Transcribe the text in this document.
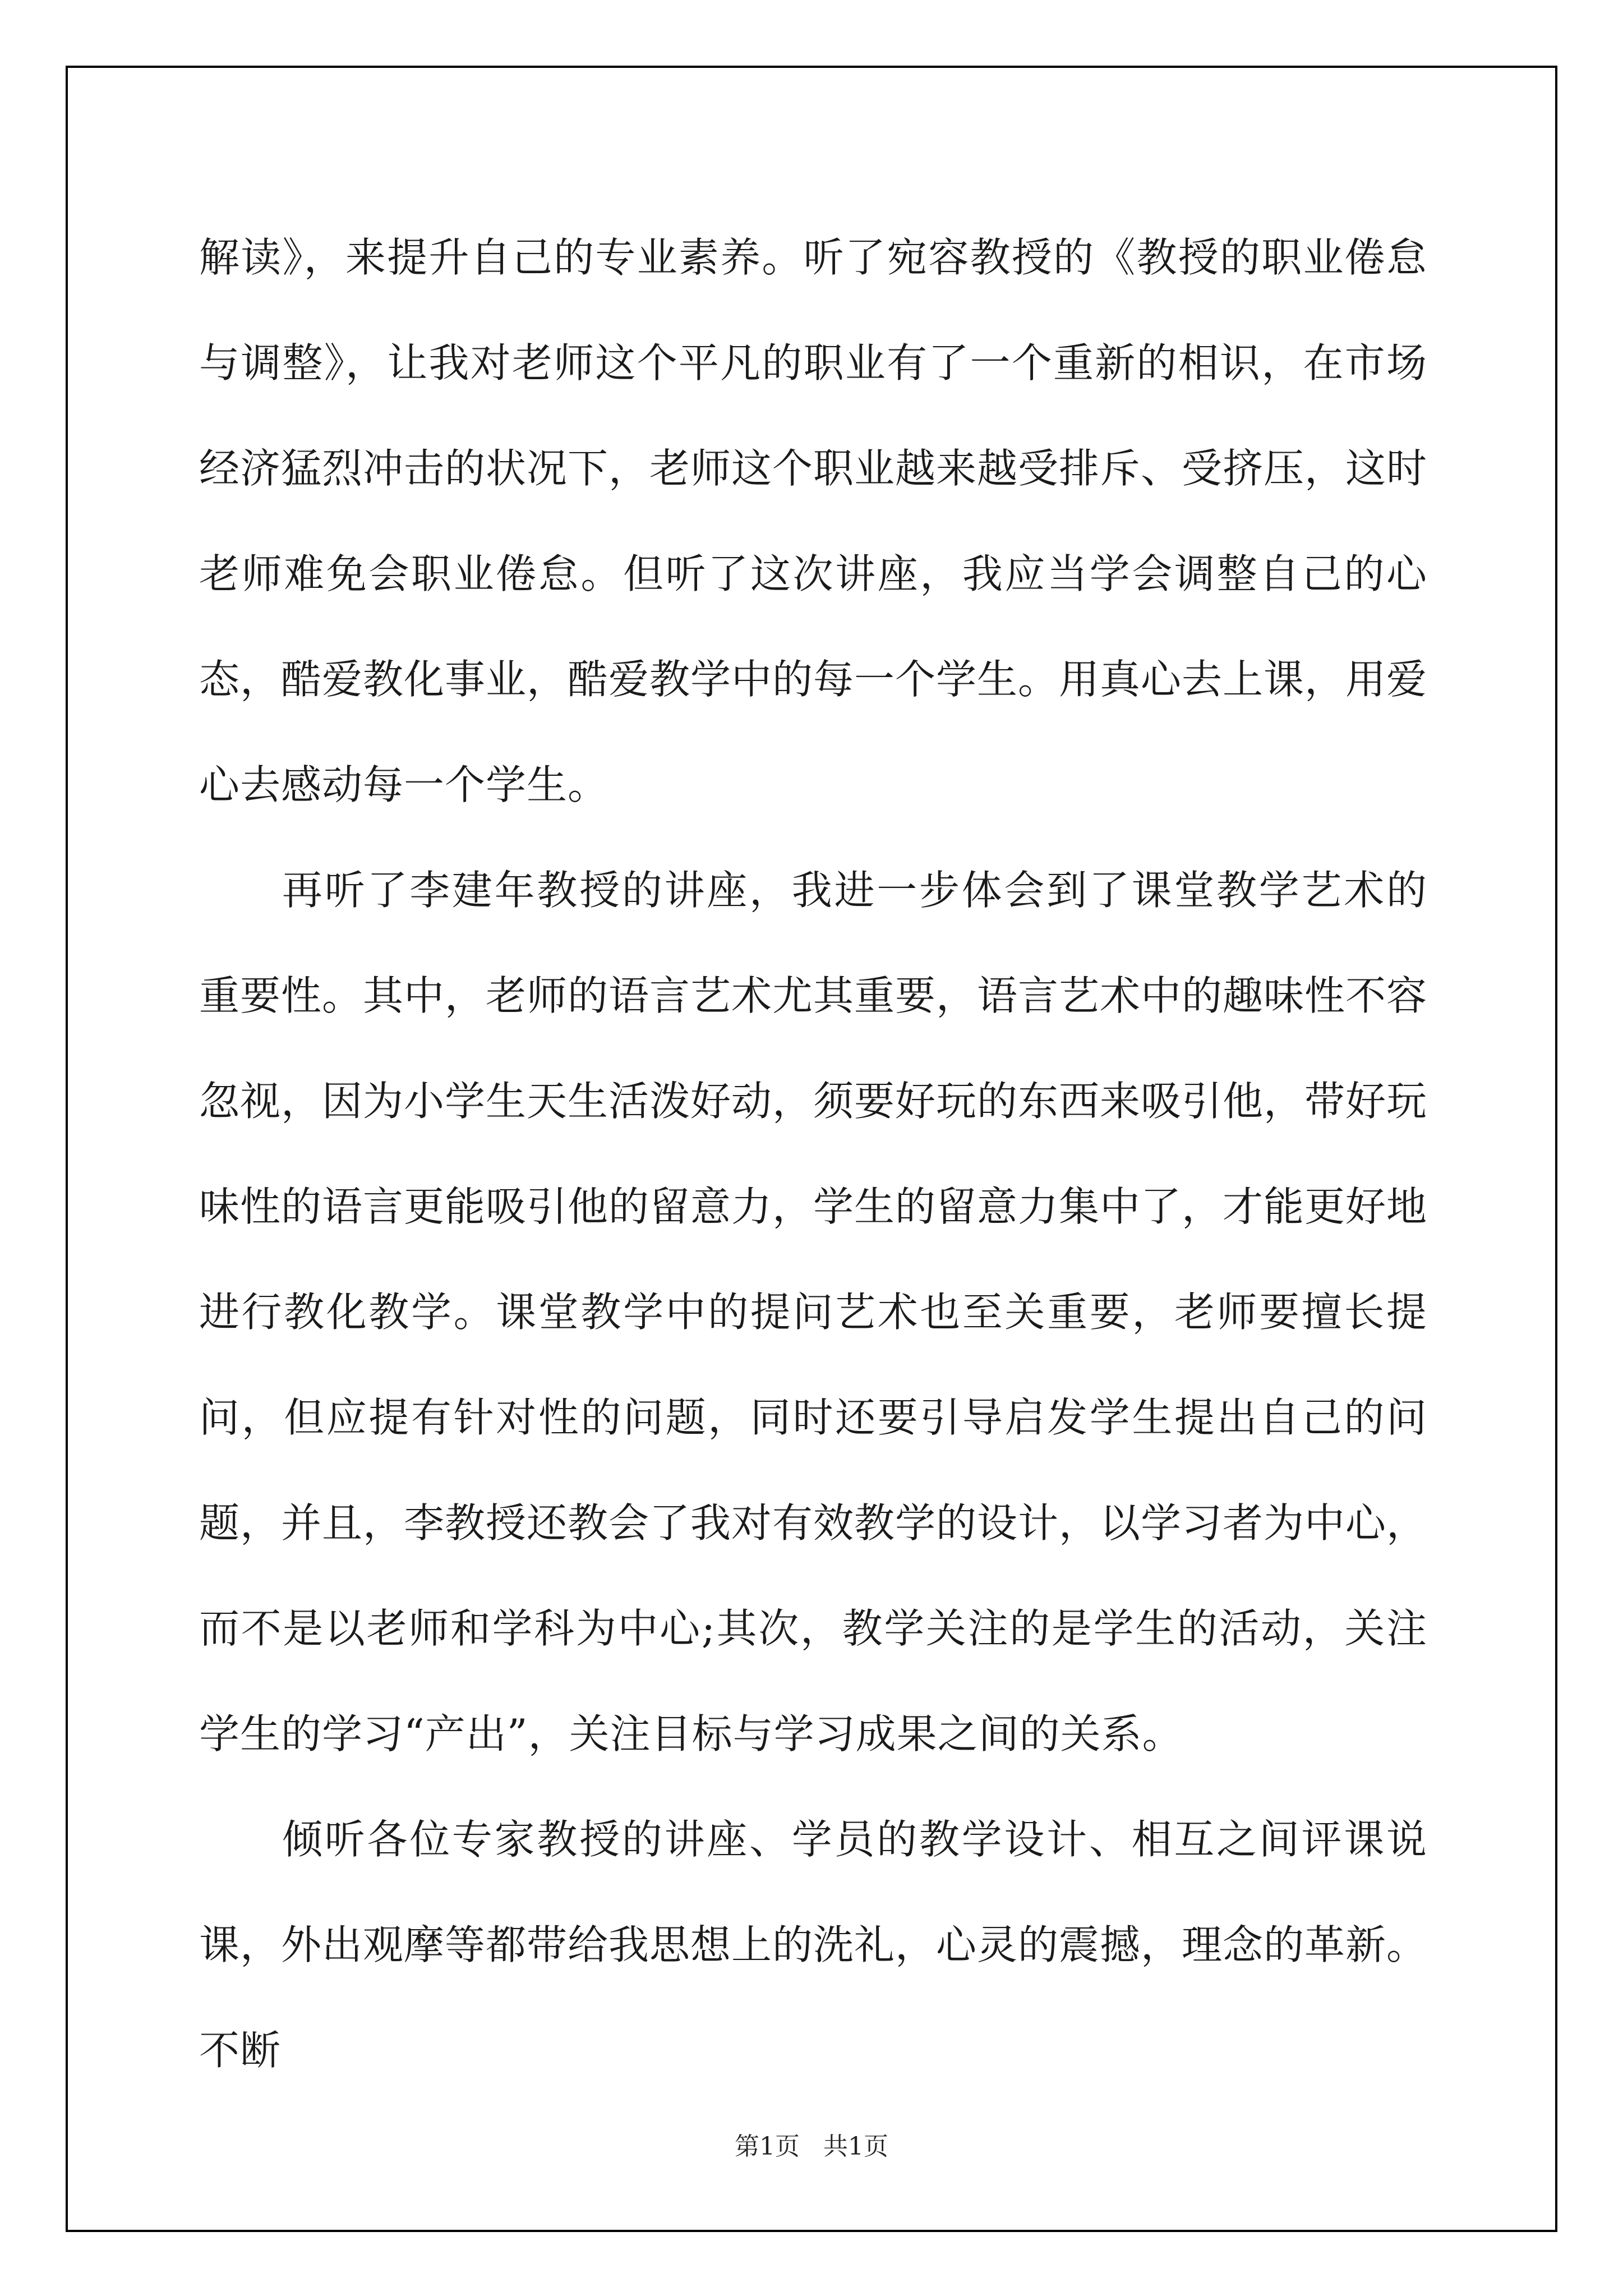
解读》，来提升自己的专业素养。听了宛容教授的《教授的职业倦怠与调整》，让我对老师这个平凡的职业有了一个重新的相识，在市场经济猛烈冲击的状况下，老师这个职业越来越受排斥、受挤压，这时老师难免会职业倦怠。但听了这次讲座，我应当学会调整自己的心态，酷爱教化事业，酷爱教学中的每一个学生。用真心去上课，用爱心去感动每一个学生。

再听了李建年教授的讲座，我进一步体会到了课堂教学艺术的重要性。其中，老师的语言艺术尤其重要，语言艺术中的趣味性不容忽视，因为小学生天生活泼好动，须要好玩的东西来吸引他，带好玩味性的语言更能吸引他的留意力，学生的留意力集中了，才能更好地进行教化教学。课堂教学中的提问艺术也至关重要，老师要擅长提问，但应提有针对性的问题，同时还要引导启发学生提出自己的问题，并且，李教授还教会了我对有效教学的设计，以学习者为中心，而不是以老师和学科为中心;其次，教学关注的是学生的活动，关注学生的学习“产出”，关注目标与学习成果之间的关系。

倾听各位专家教授的讲座、学员的教学设计、相互之间评课说课，外出观摩等都带给我思想上的洗礼，心灵的震撼，理念的革新。不断

第1页   共1页
